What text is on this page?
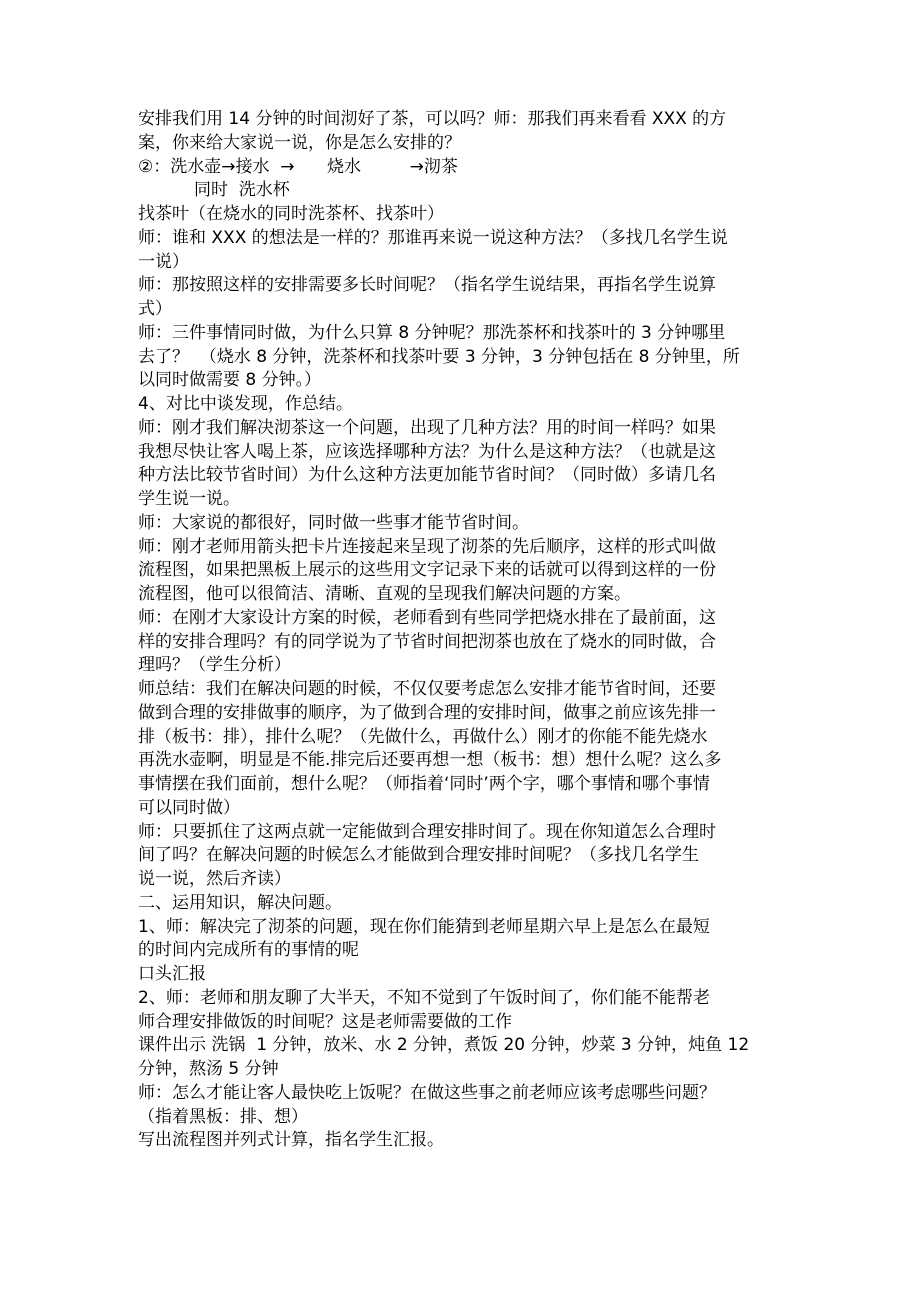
安排我们用 14 分钟的时间沏好了茶，可以吗？师：那我们再来看看 XXX 的方
案，你来给大家说一说，你是怎么安排的？
②：洗水壶→接水  →      烧水         →沏茶
同时  洗水杯
找茶叶（在烧水的同时洗茶杯、找茶叶）
师：谁和 XXX 的想法是一样的？那谁再来说一说这种方法？（多找几名学生说
一说）
师：那按照这样的安排需要多长时间呢？（指名学生说结果，再指名学生说算
式）
师：三件事情同时做，为什么只算 8 分钟呢？那洗茶杯和找茶叶的 3 分钟哪里
去了？  （烧水 8 分钟，洗茶杯和找茶叶要 3 分钟，3 分钟包括在 8 分钟里，所
以同时做需要 8 分钟。）
4、对比中谈发现，作总结。
师：刚才我们解决沏茶这一个问题，出现了几种方法？用的时间一样吗？如果
我想尽快让客人喝上茶，应该选择哪种方法？为什么是这种方法？（也就是这
种方法比较节省时间）为什么这种方法更加能节省时间？（同时做）多请几名
学生说一说。
师：大家说的都很好，同时做一些事才能节省时间。
师：刚才老师用箭头把卡片连接起来呈现了沏茶的先后顺序，这样的形式叫做
流程图，如果把黑板上展示的这些用文字记录下来的话就可以得到这样的一份
流程图，他可以很简洁、清晰、直观的呈现我们解决问题的方案。
师：在刚才大家设计方案的时候，老师看到有些同学把烧水排在了最前面，这
样的安排合理吗？有的同学说为了节省时间把沏茶也放在了烧水的同时做，合
理吗？（学生分析）
师总结：我们在解决问题的时候，不仅仅要考虑怎么安排才能节省时间，还要
做到合理的安排做事的顺序，为了做到合理的安排时间，做事之前应该先排一
排（板书：排），排什么呢？（先做什么，再做什么）刚才的你能不能先烧水
再洗水壶啊，明显是不能.排完后还要再想一想（板书：想）想什么呢？这么多
事情摆在我们面前，想什么呢？（师指着‘同时’两个字，哪个事情和哪个事情
可以同时做）
师：只要抓住了这两点就一定能做到合理安排时间了。现在你知道怎么合理时
间了吗？在解决问题的时候怎么才能做到合理安排时间呢？（多找几名学生
说一说，然后齐读）
二、运用知识，解决问题。
1、师：解决完了沏茶的问题，现在你们能猜到老师星期六早上是怎么在最短
的时间内完成所有的事情的呢
口头汇报
2、师：老师和朋友聊了大半天，不知不觉到了午饭时间了，你们能不能帮老
师合理安排做饭的时间呢？这是老师需要做的工作
课件出示 洗锅  1 分钟，放米、水 2 分钟，煮饭 20 分钟，炒菜 3 分钟，炖鱼 12
分钟，熬汤 5 分钟
师：怎么才能让客人最快吃上饭呢？在做这些事之前老师应该考虑哪些问题？
（指着黑板：排、想）
写出流程图并列式计算，指名学生汇报。
